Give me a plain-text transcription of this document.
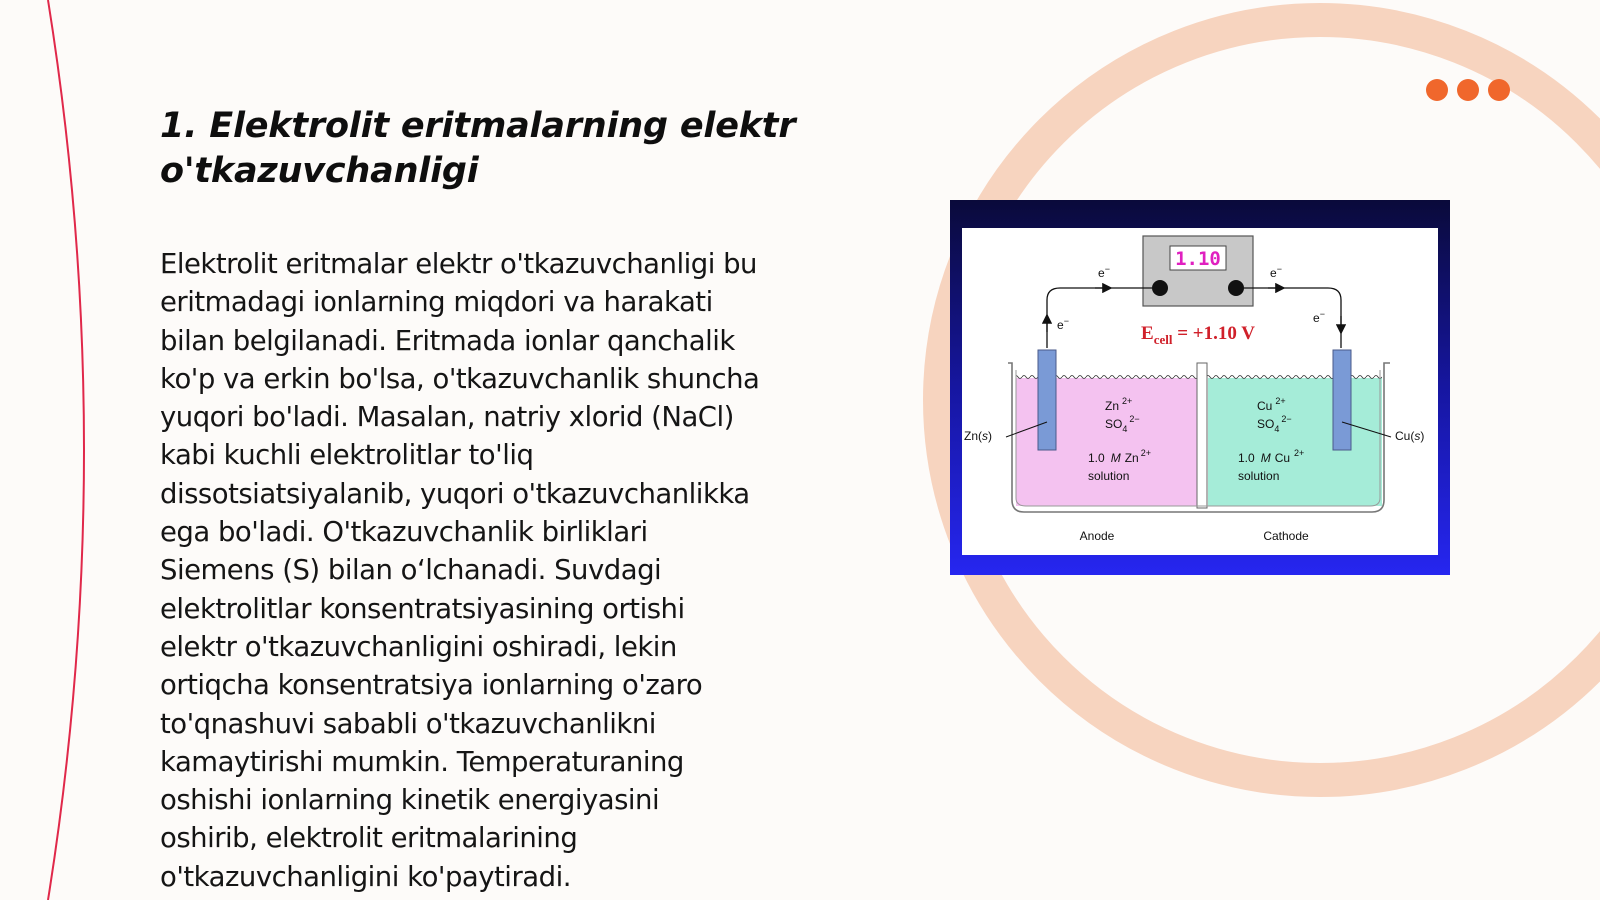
1. Elektrolit eritmalarning elektr
o'tkazuvchanligi

Elektrolit eritmalar elektr o'tkazuvchanligi bu
eritmadagi ionlarning miqdori va harakati
bilan belgilanadi. Eritmada ionlar qanchalik
ko'p va erkin bo'lsa, o'tkazuvchanlik shuncha
yuqori bo'ladi. Masalan, natriy xlorid (NaCl)
kabi kuchli elektrolitlar to'liq
dissotsiatsiyalanib, yuqori o'tkazuvchanlikka
ega bo'ladi. O'tkazuvchanlik birliklari
Siemens (S) bilan o‘lchanadi. Suvdagi
elektrolitlar konsentratsiyasining ortishi
elektr o'tkazuvchanligini oshiradi, lekin
ortiqcha konsentratsiya ionlarning o'zaro
to'qnashuvi sababli o'tkazuvchanlikni
kamaytirishi mumkin. Temperaturaning
oshishi ionlarning kinetik energiyasini
oshirib, elektrolit eritmalarining
o'tkazuvchanligini ko'paytiradi.

1.10
e−	e−
e−	e−
$E_{cell} = +1.10$ V
Zn(s)	Cu(s)
Zn $^{2+}$
$SO_4^{2-}$
1.0 M Zn $^{2+}$
solution
Cu $^{2+}$
$SO_4^{2-}$
1.0 M Cu $^{2+}$
solution
Anode	Cathode
